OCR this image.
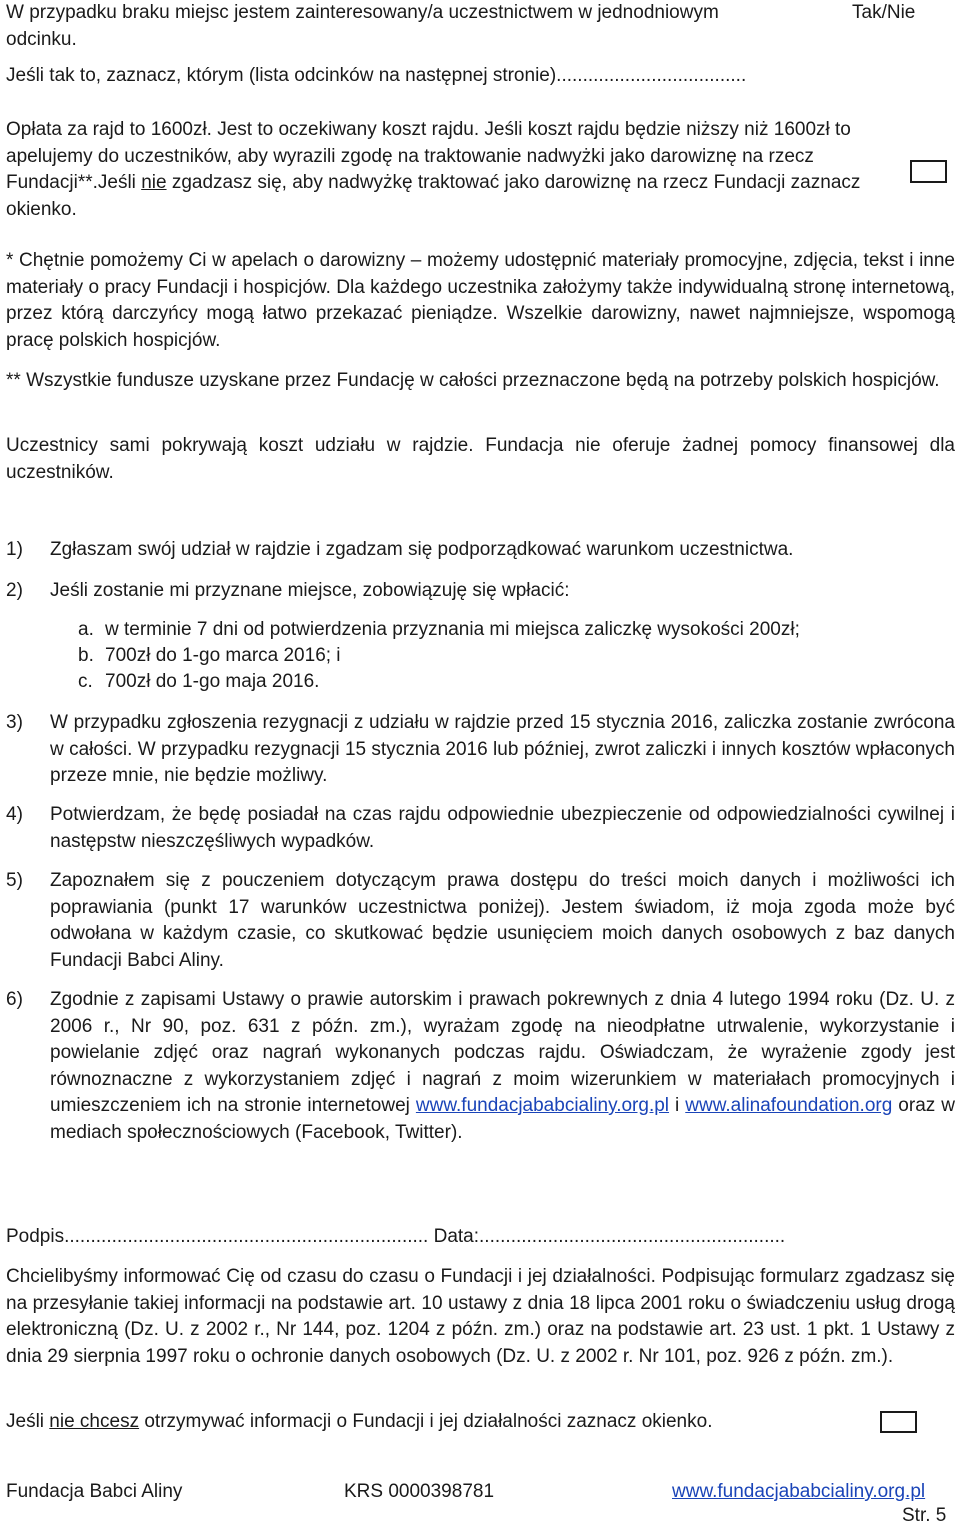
W przypadku braku miejsc jestem zainteresowany/a uczestnictwem w jednodniowym odcinku.

Tak/Nie

Jeśli tak to, zaznacz, którym (lista odcinków na następnej stronie)....................................

Opłata za rajd to 1600zł. Jest to oczekiwany koszt rajdu. Jeśli koszt rajdu będzie niższy niż 1600zł to apelujemy do uczestników, aby wyrazili zgodę na traktowanie nadwyżki jako darowiznę na rzecz Fundacji**.Jeśli nie zgadzasz się, aby nadwyżkę traktować jako darowiznę na rzecz Fundacji zaznacz okienko.

* Chętnie pomożemy Ci w apelach o darowizny – możemy udostępnić materiały promocyjne, zdjęcia, tekst i inne materiały o pracy Fundacji i hospicjów. Dla każdego uczestnika założymy także indywidualną stronę internetową, przez którą darczyńcy mogą łatwo przekazać pieniądze. Wszelkie darowizny, nawet najmniejsze, wspomogą pracę polskich hospicjów.

** Wszystkie fundusze uzyskane przez Fundację w całości przeznaczone będą na potrzeby polskich hospicjów.

Uczestnicy sami pokrywają koszt udziału w rajdzie. Fundacja nie oferuje żadnej pomocy finansowej dla uczestników.

1) Zgłaszam swój udział w rajdzie i zgadzam się podporządkować warunkom uczestnictwa.

2) Jeśli zostanie mi przyznane miejsce, zobowiązuję się wpłacić:

a. w terminie 7 dni od potwierdzenia przyznania mi miejsca zaliczkę wysokości 200zł;
b. 700zł do 1-go marca 2016; i
c. 700zł do 1-go maja 2016.
3) W przypadku zgłoszenia rezygnacji z udziału w rajdzie przed 15 stycznia 2016, zaliczka zostanie zwrócona w całości. W przypadku rezygnacji 15 stycznia 2016 lub później, zwrot zaliczki i innych kosztów wpłaconych przeze mnie, nie będzie możliwy.

4) Potwierdzam, że będę posiadał na czas rajdu odpowiednie ubezpieczenie od odpowiedzialności cywilnej i następstw nieszczęśliwych wypadków.

5) Zapoznałem się z pouczeniem dotyczącym prawa dostępu do treści moich danych i możliwości ich poprawiania (punkt 17 warunków uczestnictwa poniżej). Jestem świadom, iż moja zgoda może być odwołana w każdym czasie, co skutkować będzie usunięciem moich danych osobowych z baz danych Fundacji Babci Aliny.

6) Zgodnie z zapisami Ustawy o prawie autorskim i prawach pokrewnych z dnia 4 lutego 1994 roku (Dz. U. z 2006 r., Nr 90, poz. 631 z późn. zm.), wyrażam zgodę na nieodpłatne utrwalenie, wykorzystanie i powielanie zdjęć oraz nagrań wykonanych podczas rajdu. Oświadczam, że wyrażenie zgody jest równoznaczne z wykorzystaniem zdjęć i nagrań z moim wizerunkiem w materiałach promocyjnych i umieszczeniem ich na stronie internetowej www.fundacjababcialiny.org.pl i www.alinafoundation.org oraz w mediach społecznościowych (Facebook, Twitter).

Podpis..................................................................... Data:..........................................................

Chcielibyśmy informować Cię od czasu do czasu o Fundacji i jej działalności. Podpisując formularz zgadzasz się na przesyłanie takiej informacji na podstawie art. 10 ustawy z dnia 18 lipca 2001 roku o świadczeniu usług drogą elektroniczną (Dz. U. z 2002 r., Nr 144, poz. 1204 z późn. zm.) oraz na podstawie art. 23 ust. 1 pkt. 1 Ustawy z dnia 29 sierpnia 1997 roku o ochronie danych osobowych (Dz. U. z 2002 r. Nr 101, poz. 926 z późn. zm.).

Jeśli nie chcesz otrzymywać informacji o Fundacji i jej działalności zaznacz okienko.

Fundacja Babci Aliny	KRS 0000398781	www.fundacjababcialiny.org.pl
Str. 5
